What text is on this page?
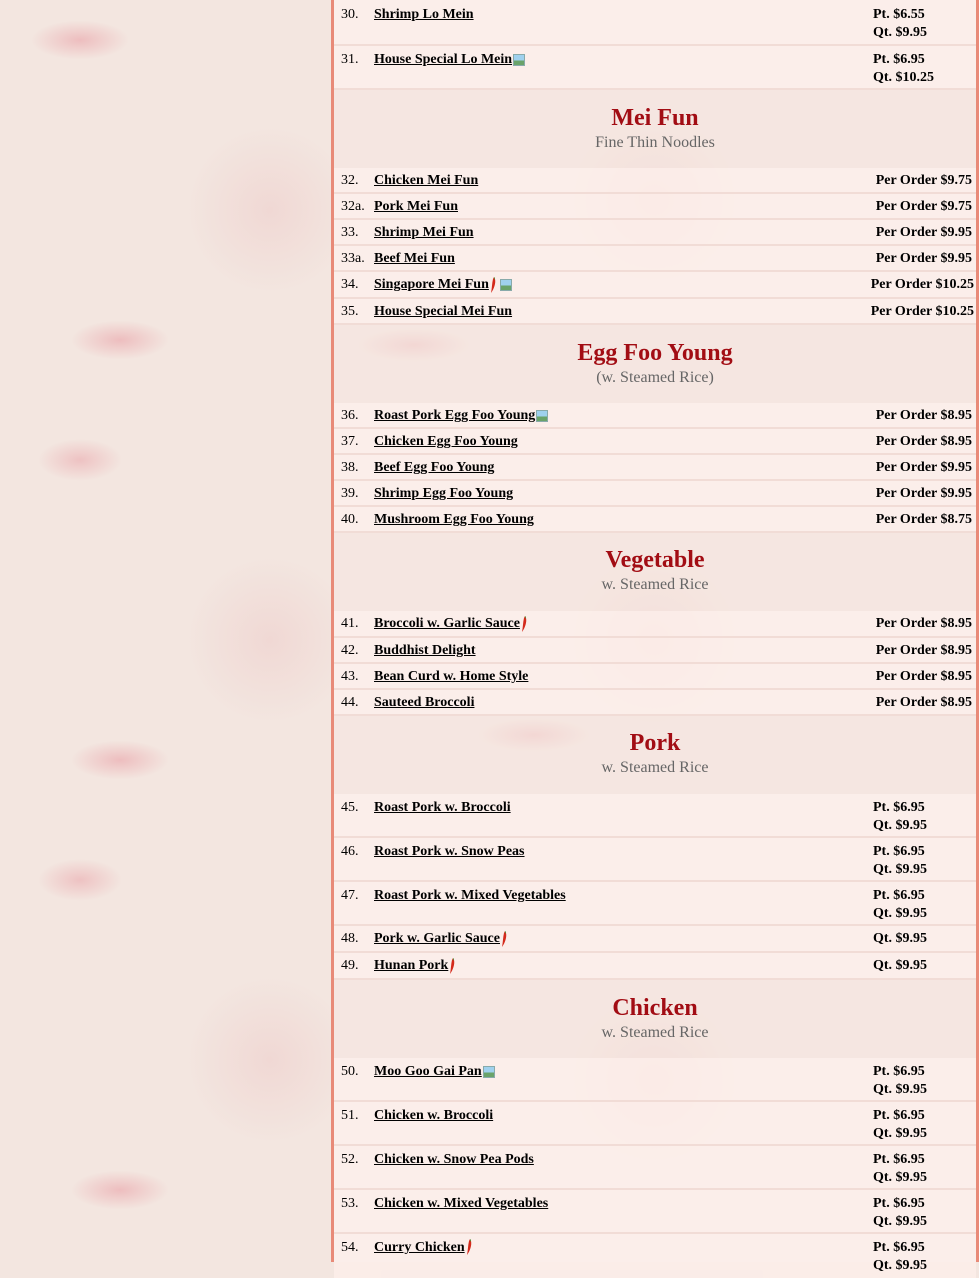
30.	Shrimp Lo Mein	Pt. $6.55
Qt. $9.95
31.	House Special Lo Mein	Pt. $6.95
Qt. $10.25
Mei Fun
Fine Thin Noodles
32.	Chicken Mei Fun	Per Order $9.75
32a. Pork Mei Fun	Per Order $9.75
33.	Shrimp Mei Fun	Per Order $9.95
33a. Beef Mei Fun	Per Order $9.95
34.	Singapore Mei Fun	Per Order $10.25
35.	House Special Mei Fun	Per Order $10.25
Egg Foo Young
(w. Steamed Rice)
36.	Roast Pork Egg Foo Young	Per Order $8.95
37.	Chicken Egg Foo Young	Per Order $8.95
38.	Beef Egg Foo Young	Per Order $9.95
39.	Shrimp Egg Foo Young	Per Order $9.95
40.	Mushroom Egg Foo Young	Per Order $8.75
Vegetable
w. Steamed Rice
41.	Broccoli w. Garlic Sauce	Per Order $8.95
42.	Buddhist Delight	Per Order $8.95
43.	Bean Curd w. Home Style	Per Order $8.95
44.	Sauteed Broccoli	Per Order $8.95
Pork
w. Steamed Rice
45.	Roast Pork w. Broccoli	Pt. $6.95
Qt. $9.95
46.	Roast Pork w. Snow Peas	Pt. $6.95
Qt. $9.95
47.	Roast Pork w. Mixed Vegetables	Pt. $6.95
Qt. $9.95
48.	Pork w. Garlic Sauce	Qt. $9.95
49.	Hunan Pork	Qt. $9.95
Chicken
w. Steamed Rice
50.	Moo Goo Gai Pan	Pt. $6.95
Qt. $9.95
51.	Chicken w. Broccoli	Pt. $6.95
Qt. $9.95
52.	Chicken w. Snow Pea Pods	Pt. $6.95
Qt. $9.95
53.	Chicken w. Mixed Vegetables	Pt. $6.95
Qt. $9.95
54.	Curry Chicken	Pt. $6.95
Qt. $9.95
